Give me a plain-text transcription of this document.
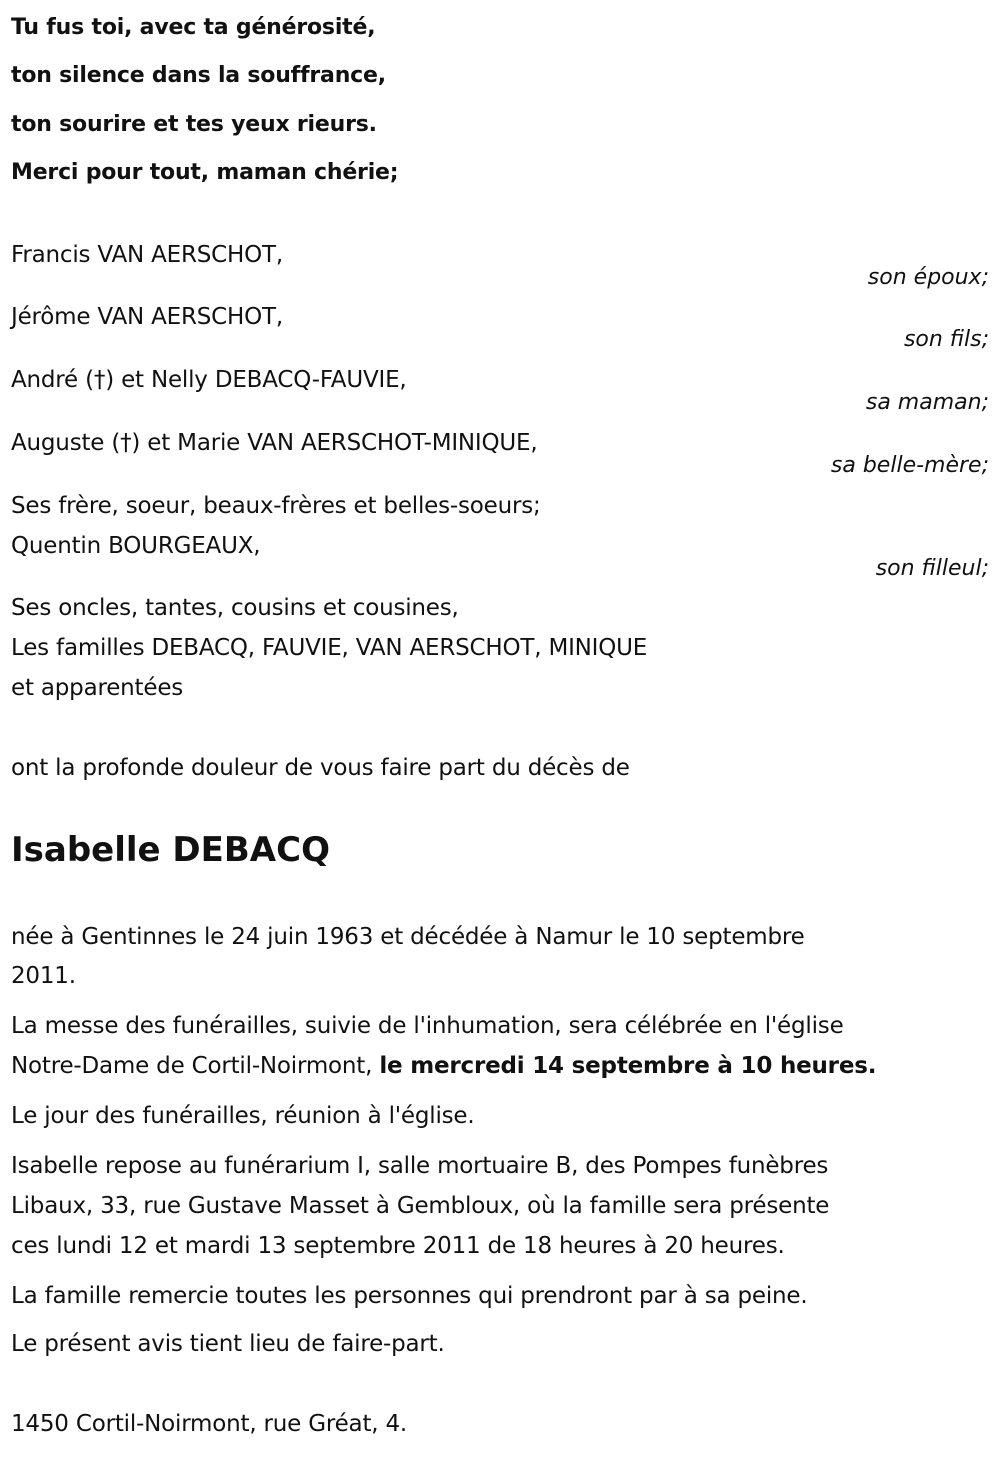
Tu fus toi, avec ta générosité,
ton silence dans la souffrance,
ton sourire et tes yeux rieurs.
Merci pour tout, maman chérie;
Francis VAN AERSCHOT,
son époux;
Jérôme VAN AERSCHOT,
son fils;
André (†) et Nelly DEBACQ-FAUVIE,
sa maman;
Auguste (†) et Marie VAN AERSCHOT-MINIQUE,
sa belle-mère;
Ses frère, soeur, beaux-frères et belles-soeurs;
Quentin BOURGEAUX,
son filleul;
Ses oncles, tantes, cousins et cousines,
Les familles DEBACQ, FAUVIE, VAN AERSCHOT, MINIQUE
et apparentées
ont la profonde douleur de vous faire part du décès de
Isabelle DEBACQ
née à Gentinnes le 24 juin 1963 et décédée à Namur le 10 septembre
2011.
La messe des funérailles, suivie de l'inhumation, sera célébrée en l'église
Notre-Dame de Cortil-Noirmont, le mercredi 14 septembre à 10 heures.
Le jour des funérailles, réunion à l'église.
Isabelle repose au funérarium I, salle mortuaire B, des Pompes funèbres
Libaux, 33, rue Gustave Masset à Gembloux, où la famille sera présente
ces lundi 12 et mardi 13 septembre 2011 de 18 heures à 20 heures.
La famille remercie toutes les personnes qui prendront par à sa peine.
Le présent avis tient lieu de faire-part.
1450 Cortil-Noirmont, rue Gréat, 4.
